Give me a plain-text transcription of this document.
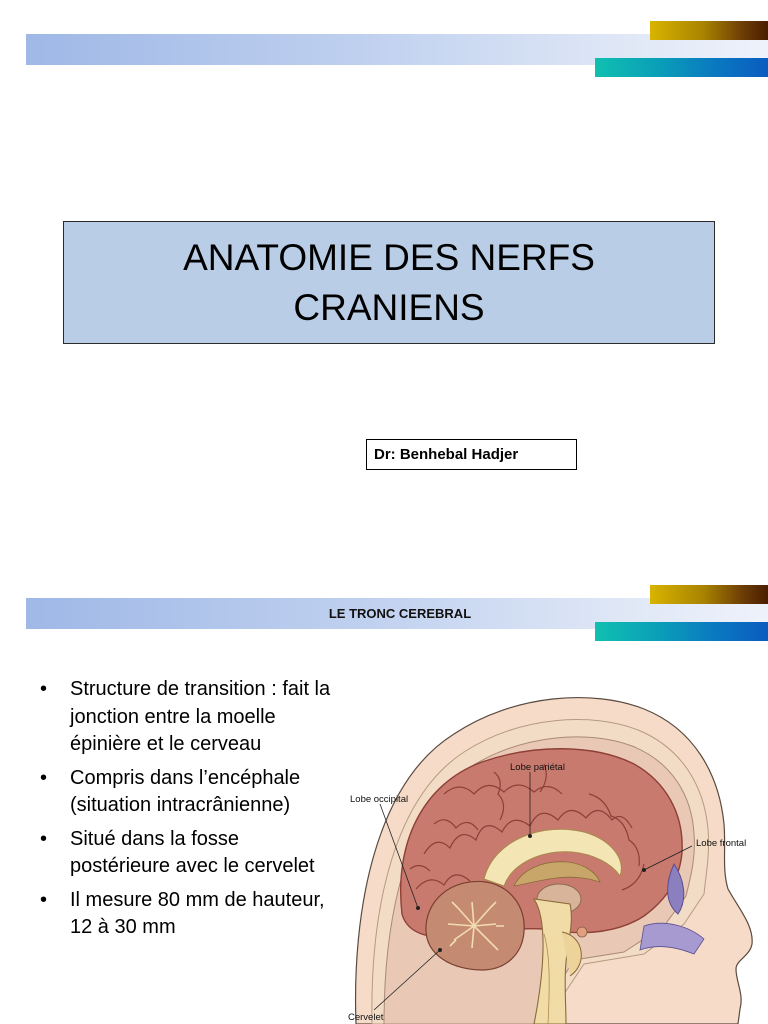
ANATOMIE DES NERFS
CRANIENS
Dr: Benhebal Hadjer
LE TRONC CEREBRAL
• Structure de transition : fait la jonction entre la moelle épinière et le cerveau
• Compris dans l’encéphale (situation intracrânienne)
• Situé dans la fosse postérieure avec le cervelet
• Il mesure 80 mm de hauteur, 12 à 30 mm
Lobe pariétal
Lobe occipital
Lobe frontal
Cervelet
